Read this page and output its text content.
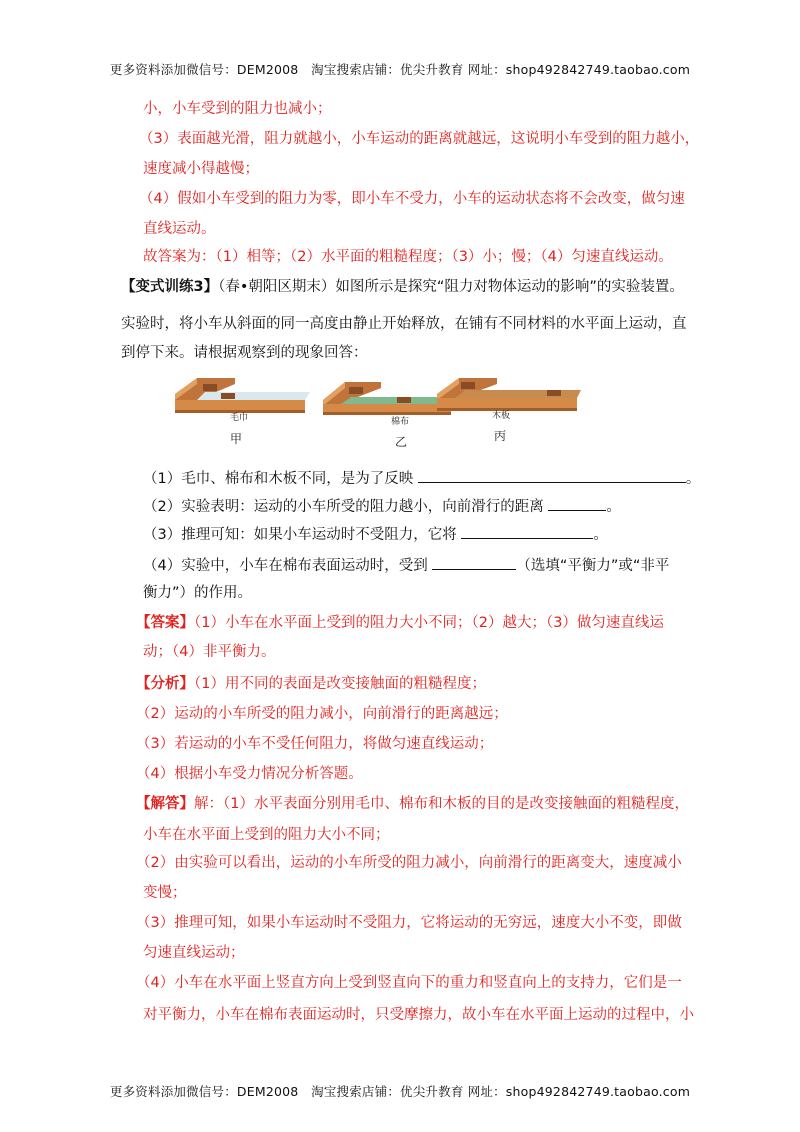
更多资料添加微信号：DEM2008　淘宝搜索店铺：优尖升教育 网址：shop492842749.taobao.com
小，小车受到的阻力也减小；
（3）表面越光滑，阻力就越小，小车运动的距离就越远，这说明小车受到的阻力越小，
速度减小得越慢；
（4）假如小车受到的阻力为零，即小车不受力，小车的运动状态将不会改变，做匀速
直线运动。
故答案为：（1）相等；（2）水平面的粗糙程度；（3）小；慢；（4）匀速直线运动。
【变式训练3】（春•朝阳区期末）如图所示是探究“阻力对物体运动的影响”的实验装置。
实验时，将小车从斜面的同一高度由静止开始释放，在铺有不同材料的水平面上运动，直
到停下来。请根据观察到的现象回答：
毛巾
甲
棉布
乙
木板
丙
（1）毛巾、棉布和木板不同，是为了反映	。
（2）实验表明：运动的小车所受的阻力越小，向前滑行的距离	。
（3）推理可知：如果小车运动时不受阻力，它将	。
（4）实验中，小车在棉布表面运动时，受到	（选填“平衡力”或“非平
衡力”）的作用。
【答案】（1）小车在水平面上受到的阻力大小不同；（2）越大；（3）做匀速直线运
动；（4）非平衡力。
【分析】（1）用不同的表面是改变接触面的粗糙程度；
（2）运动的小车所受的阻力减小，向前滑行的距离越远；
（3）若运动的小车不受任何阻力，将做匀速直线运动；
（4）根据小车受力情况分析答题。
【解答】解：（1）水平表面分别用毛巾、棉布和木板的目的是改变接触面的粗糙程度，
小车在水平面上受到的阻力大小不同；
（2）由实验可以看出，运动的小车所受的阻力减小，向前滑行的距离变大，速度减小
变慢；
（3）推理可知，如果小车运动时不受阻力，它将运动的无穷远，速度大小不变，即做
匀速直线运动；
（4）小车在水平面上竖直方向上受到竖直向下的重力和竖直向上的支持力，它们是一
对平衡力，小车在棉布表面运动时，只受摩擦力，故小车在水平面上运动的过程中，小
更多资料添加微信号：DEM2008　淘宝搜索店铺：优尖升教育 网址：shop492842749.taobao.com
